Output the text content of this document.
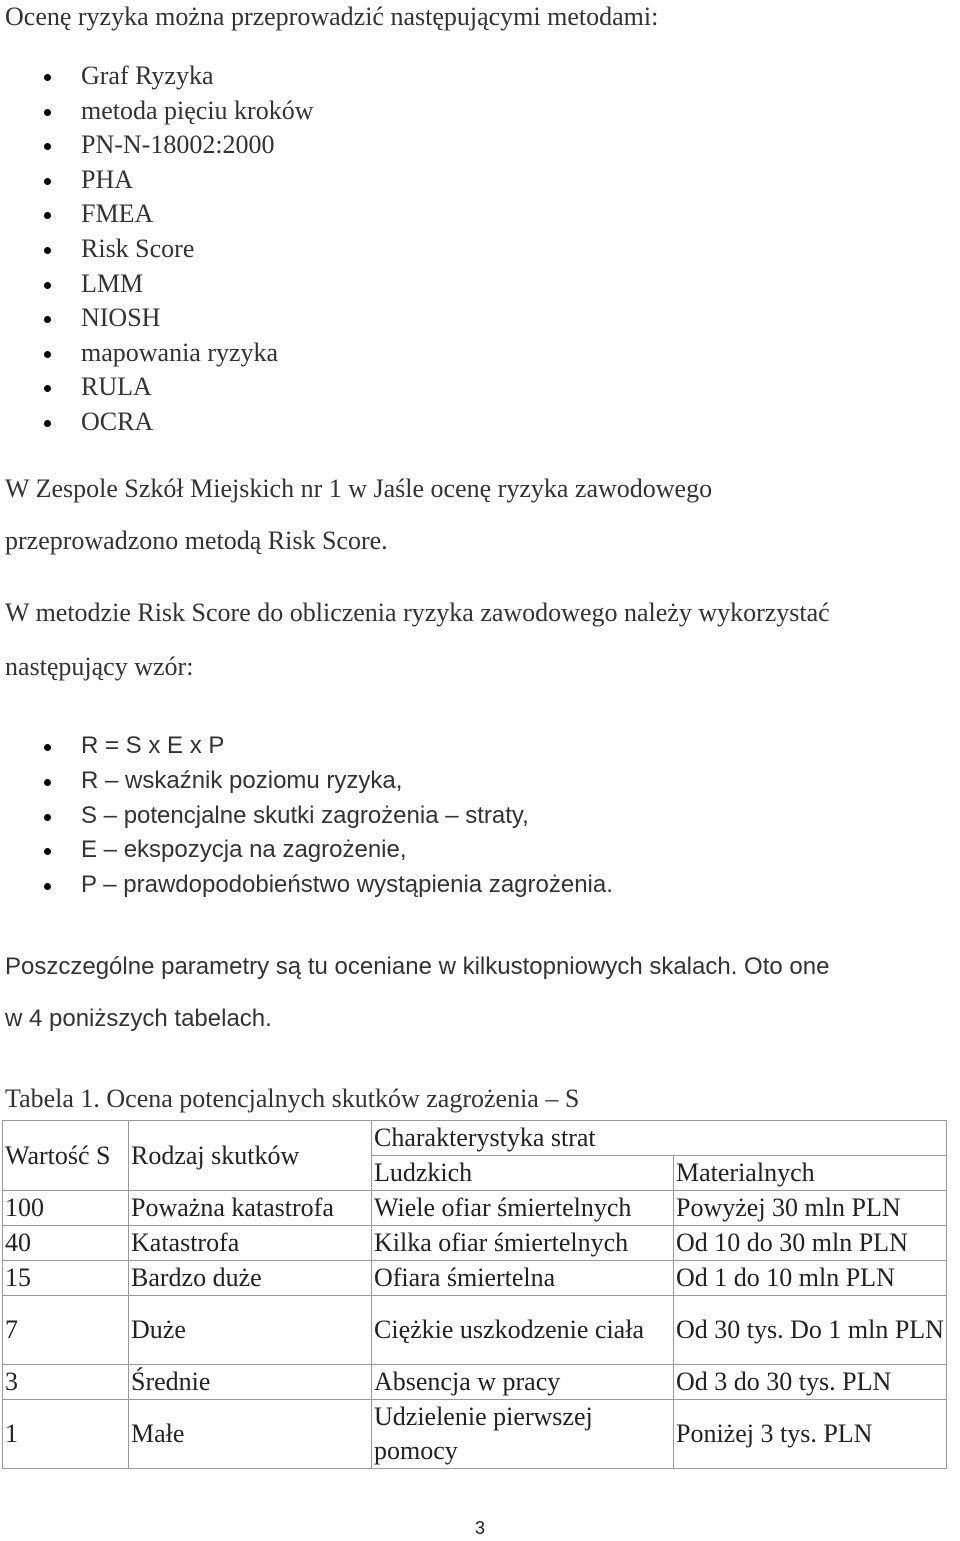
Ocenę ryzyka można przeprowadzić następującymi metodami:
Graf Ryzyka
metoda pięciu kroków
PN-N-18002:2000
PHA
FMEA
Risk Score
LMM
NIOSH
mapowania ryzyka
RULA
OCRA
W Zespole Szkół Miejskich nr 1 w Jaśle ocenę ryzyka zawodowego
przeprowadzono metodą Risk Score.
W metodzie Risk Score do obliczenia ryzyka zawodowego należy wykorzystać
następujący wzór:
R = S x E x P
R – wskaźnik poziomu ryzyka,
S – potencjalne skutki zagrożenia – straty,
E – ekspozycja na zagrożenie,
P – prawdopodobieństwo wystąpienia zagrożenia.
Poszczególne parametry są tu oceniane w kilkustopniowych skalach. Oto one
w 4 poniższych tabelach.
Tabela 1. Ocena potencjalnych skutków zagrożenia – S
Wartość S	Rodzaj skutków	Charakterystyka strat	
		Ludzkich	Materialnych
100	Poważna katastrofa	Wiele ofiar śmiertelnych	Powyżej 30 mln PLN
40	Katastrofa	Kilka ofiar śmiertelnych	Od 10 do 30 mln PLN
15	Bardzo duże	Ofiara śmiertelna	Od 1 do 10 mln PLN
7	Duże	Ciężkie uszkodzenie ciała	Od 30 tys. Do 1 mln PLN
3	Średnie	Absencja w pracy	Od 3 do 30 tys. PLN
1	Małe	Udzielenie pierwszej pomocy	Poniżej 3 tys. PLN
3
